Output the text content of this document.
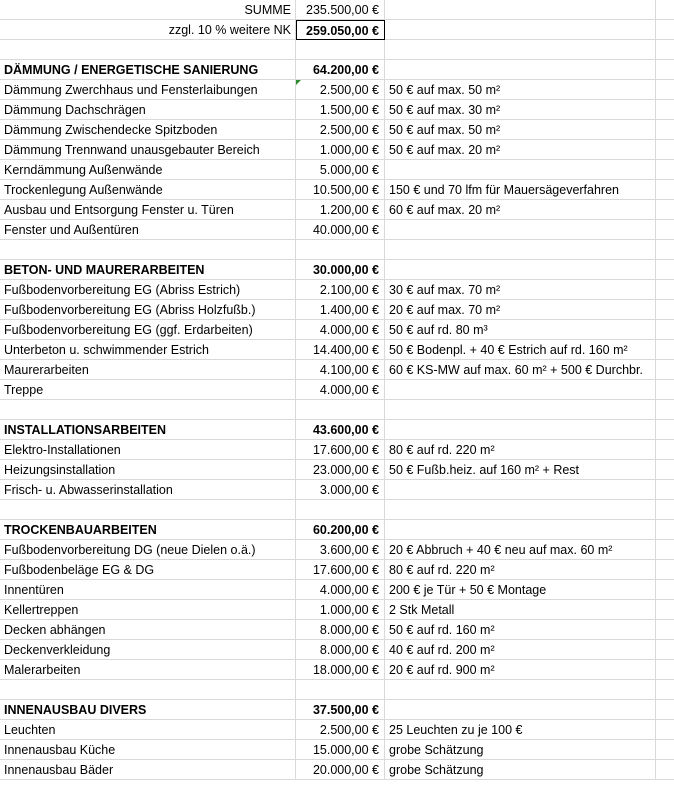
SUMME	235.500,00 €
zzgl. 10 % weitere NK	259.050,00 €
DÄMMUNG / ENERGETISCHE SANIERUNG	64.200,00 €
Dämmung Zwerchhaus und Fensterlaibungen	2.500,00 € 50 € auf max. 50 m²
Dämmung Dachschrägen	1.500,00 € 50 € auf max. 30 m²
Dämmung Zwischendecke Spitzboden	2.500,00 € 50 € auf max. 50 m²
Dämmung Trennwand unausgebauter Bereich	1.000,00 € 50 € auf max. 20 m²
Kerndämmung Außenwände	5.000,00 €
Trockenlegung Außenwände	10.500,00 € 150 € und 70 lfm für Mauersägeverfahren
Ausbau und Entsorgung Fenster u. Türen	1.200,00 € 60 € auf max. 20 m²
Fenster und Außentüren	40.000,00 €
BETON- UND MAURERARBEITEN	30.000,00 €
Fußbodenvorbereitung EG (Abriss Estrich)	2.100,00 € 30 € auf max. 70 m²
Fußbodenvorbereitung EG (Abriss Holzfußb.)	1.400,00 € 20 € auf max. 70 m²
Fußbodenvorbereitung EG (ggf. Erdarbeiten)	4.000,00 € 50 € auf rd. 80 m³
Unterbeton u. schwimmender Estrich	14.400,00 € 50 € Bodenpl. + 40 € Estrich auf rd. 160 m²
Maurerarbeiten	4.100,00 € 60 € KS-MW auf max. 60 m² + 500 € Durchbr.
Treppe	4.000,00 €
INSTALLATIONSARBEITEN	43.600,00 €
Elektro-Installationen	17.600,00 € 80 € auf rd. 220 m²
Heizungsinstallation	23.000,00 € 50 € Fußb.heiz. auf 160 m² + Rest
Frisch- u. Abwasserinstallation	3.000,00 €
TROCKENBAUARBEITEN	60.200,00 €
Fußbodenvorbereitung DG (neue Dielen o.ä.)	3.600,00 € 20 € Abbruch + 40 € neu auf max. 60 m²
Fußbodenbeläge EG & DG	17.600,00 € 80 € auf rd. 220 m²
Innentüren	4.000,00 € 200 € je Tür + 50 € Montage
Kellertreppen	1.000,00 € 2 Stk Metall
Decken abhängen	8.000,00 € 50 € auf rd. 160 m²
Deckenverkleidung	8.000,00 € 40 € auf rd. 200 m²
Malerarbeiten	18.000,00 € 20 € auf rd. 900 m²
INNENAUSBAU DIVERS	37.500,00 €
Leuchten	2.500,00 € 25 Leuchten zu je 100 €
Innenausbau Küche	15.000,00 € grobe Schätzung
Innenausbau Bäder	20.000,00 € grobe Schätzung
